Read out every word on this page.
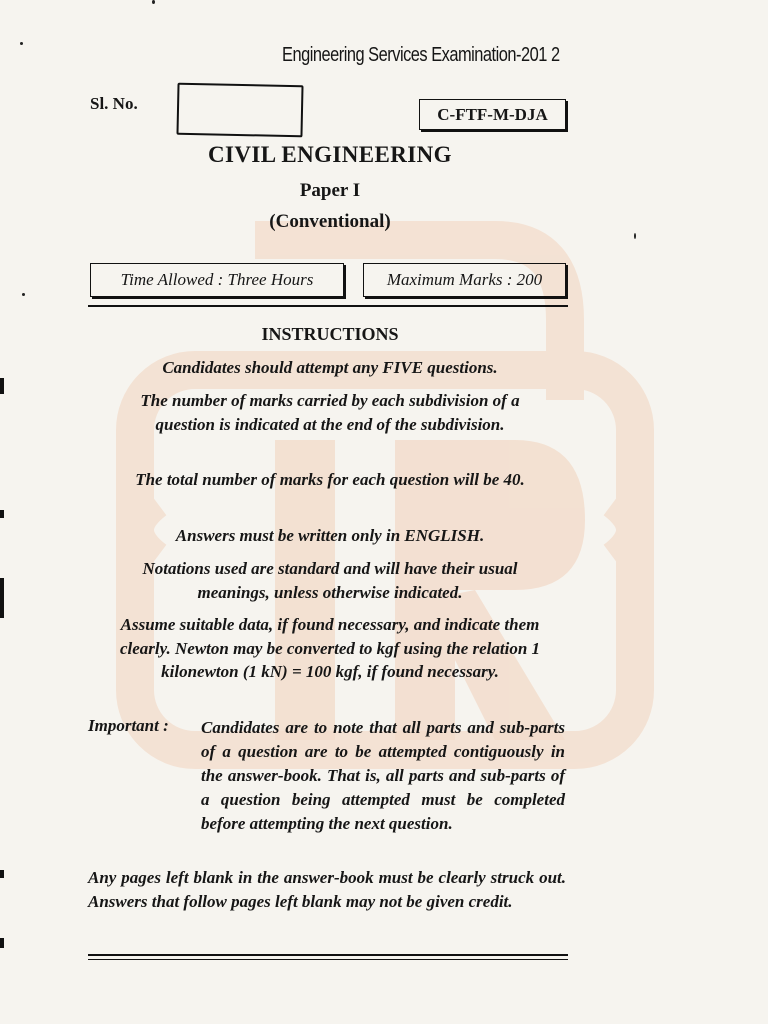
Engineering Services Examination-201 2
Sl. No.
C-FTF-M-DJA
CIVIL ENGINEERING
Paper I
(Conventional)
Time Allowed : Three Hours	Maximum Marks : 200
INSTRUCTIONS
Candidates should attempt any FIVE questions.
The number of marks carried by each subdivision of a question is indicated at the end of the subdivision.
The total number of marks for each question will be 40.
Answers must be written only in ENGLISH.
Notations used are standard and will have their usual meanings, unless otherwise indicated.
Assume suitable data, if found necessary, and indicate them clearly. Newton may be converted to kgf using the relation 1 kilonewton (1 kN) = 100 kgf, if found necessary.
Important : Candidates are to note that all parts and sub-parts of a question are to be attempted contiguously in the answer-book. That is, all parts and sub-parts of a question being attempted must be completed before attempting the next question.
Any pages left blank in the answer-book must be clearly struck out. Answers that follow pages left blank may not be given credit.
